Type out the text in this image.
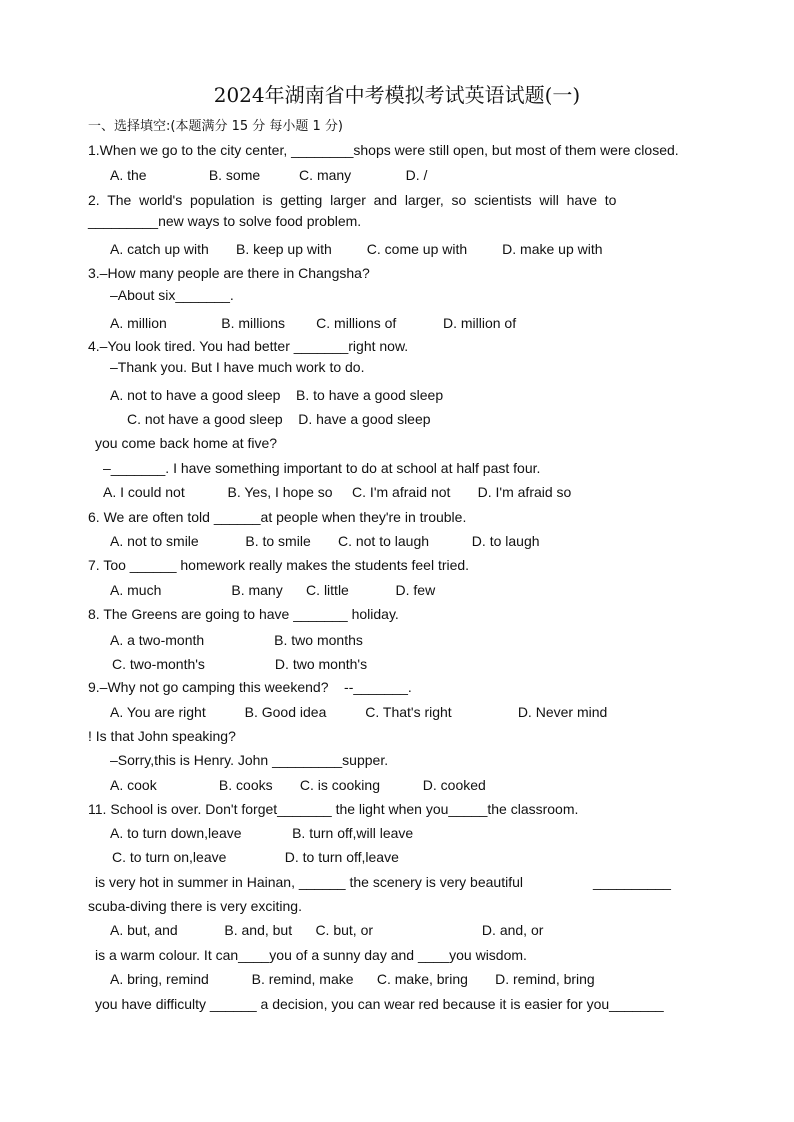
2024年湖南省中考模拟考试英语试题(一)
一、选择填空:(本题满分 15 分 每小题 1 分)
1.When we go to the city center, ________shops were still open, but most of them were closed.
A. the                B. some          C. many              D. /
2.  The  world's  population  is  getting  larger  and  larger,  so  scientists  will  have  to
_________new ways to solve food problem.
A. catch up with       B. keep up with         C. come up with         D. make up with
3.–How many people are there in Changsha?
–About six_______.
A. million              B. millions        C. millions of            D. million of
4.–You look tired. You had better _______right now.
–Thank you. But I have much work to do.
A. not to have a good sleep    B. to have a good sleep
C. not have a good sleep    D. have a good sleep
you come back home at five?
–_______. I have something important to do at school at half past four.
A. I could not           B. Yes, I hope so     C. I'm afraid not       D. I'm afraid so
6. We are often told ______at people when they're in trouble.
A. not to smile            B. to smile       C. not to laugh           D. to laugh
7. Too ______ homework really makes the students feel tried.
A. much                  B. many      C. little            D. few
8. The Greens are going to have _______ holiday.
A. a two-month                  B. two months
C. two-month's                  D. two month's
9.–Why not go camping this weekend?    --_______.
A. You are right          B. Good idea          C. That's right                 D. Never mind
! Is that John speaking?
–Sorry,this is Henry. John _________supper.
A. cook                B. cooks       C. is cooking           D. cooked
11. School is over. Don't forget_______ the light when you_____the classroom.
A. to turn down,leave             B. turn off,will leave
C. to turn on,leave               D. to turn off,leave
is very hot in summer in Hainan, ______ the scenery is very beautiful                  __________
scuba-diving there is very exciting.
A. but, and            B. and, but      C. but, or                            D. and, or
is a warm colour. It can____you of a sunny day and ____you wisdom.
A. bring, remind           B. remind, make      C. make, bring       D. remind, bring
you have difficulty ______ a decision, you can wear red because it is easier for you_______
